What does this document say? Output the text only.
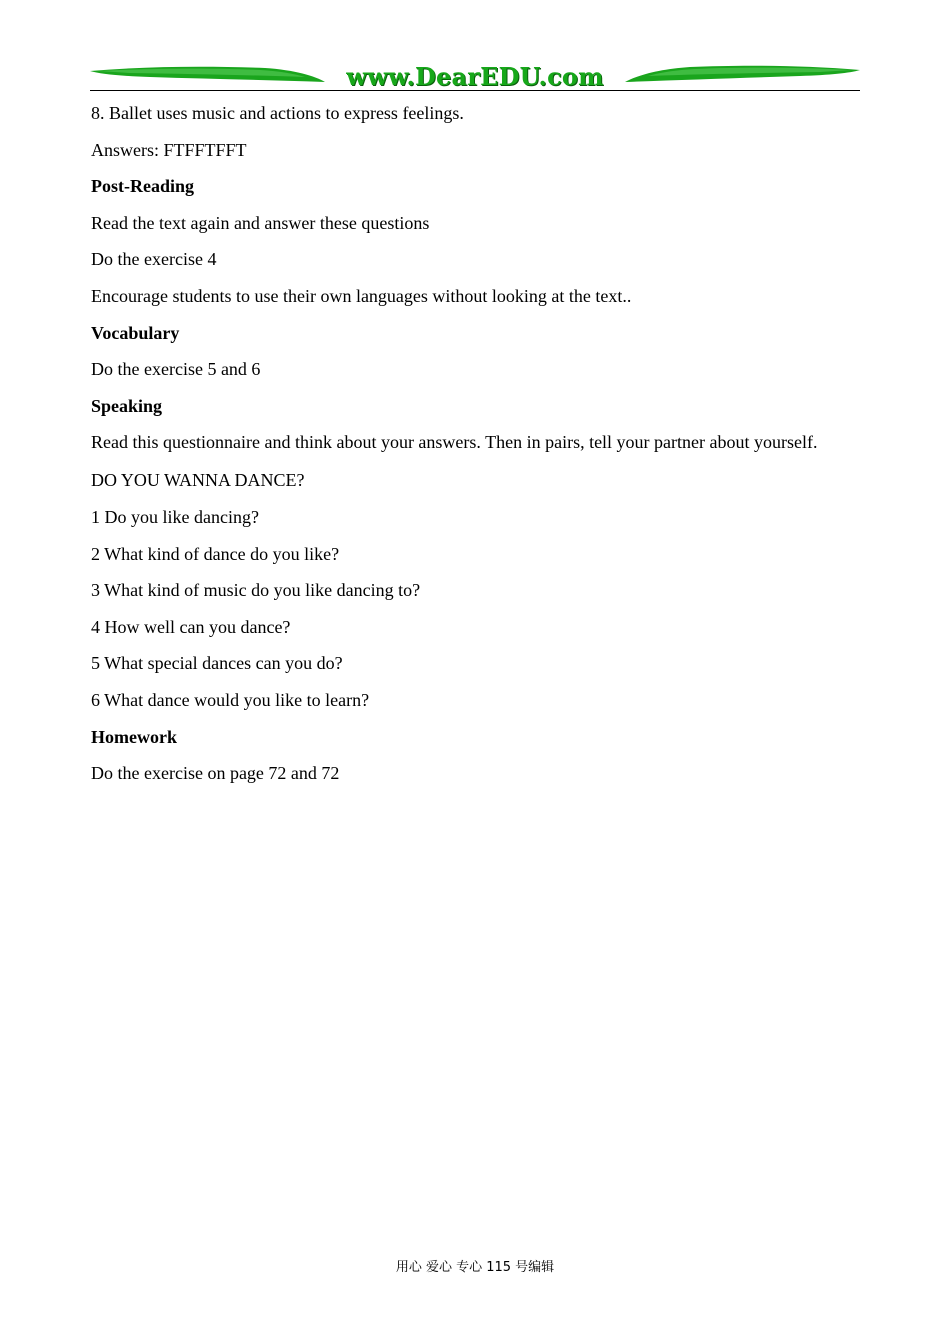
www.DearEDU.com

8. Ballet uses music and actions to express feelings.

Answers: FTFFTFFT

Post-Reading

Read the text again and answer these questions

Do the exercise 4

Encourage students to use their own languages without looking at the text..

Vocabulary

Do the exercise 5 and 6

Speaking

Read this questionnaire and think about your answers. Then in pairs, tell your partner about yourself.

DO YOU WANNA DANCE?

1 Do you like dancing?

2 What kind of dance do you like?

3 What kind of music do you like dancing to?

4 How well can you dance?

5 What special dances can you do?

6 What dance would you like to learn?

Homework

Do the exercise on page 72 and 72

用心 爱心 专心 115 号编辑
